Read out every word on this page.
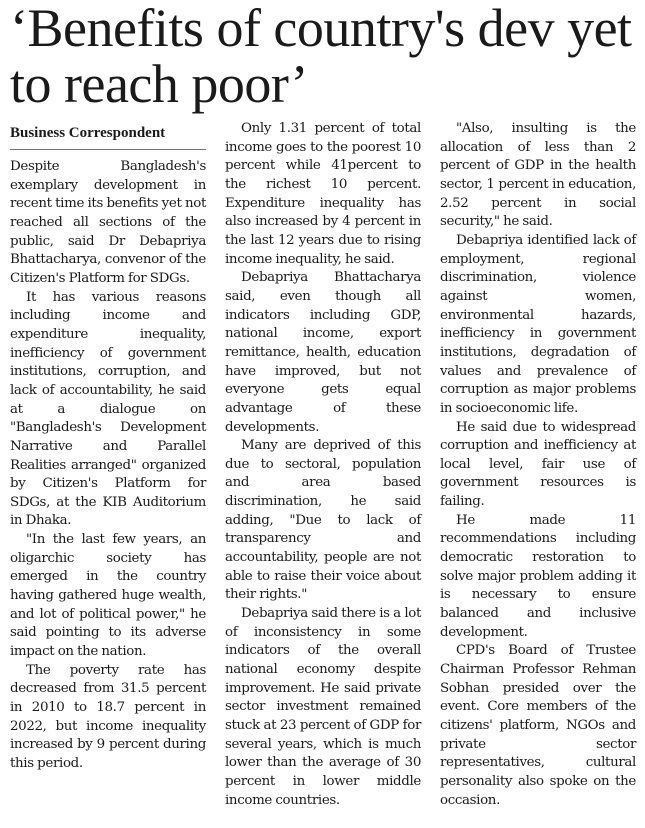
‘Benefits of country's dev yet to reach poor’
Business Correspondent

Despite Bangladesh's exemplary development in recent time its benefits yet not reached all sections of the public, said Dr Debapriya Bhattacharya, convenor of the Citizen's Platform for SDGs.

It has various reasons including income and expenditure inequality, inefficiency of government institutions, corruption, and lack of accountability, he said at a dialogue on "Bangladesh's Development Narrative and Parallel Realities arranged" organized by Citizen's Platform for SDGs, at the KIB Auditorium in Dhaka.

"In the last few years, an oligarchic society has emerged in the country having gathered huge wealth, and lot of political power," he said pointing to its adverse impact on the nation.

The poverty rate has decreased from 31.5 percent in 2010 to 18.7 percent in 2022, but income inequality increased by 9 percent during this period.

Only 1.31 percent of total income goes to the poorest 10 percent while 41percent to the richest 10 percent. Expenditure inequality has also increased by 4 percent in the last 12 years due to rising income inequality, he said.

Debapriya Bhattacharya said, even though all indicators including GDP, national income, export remittance, health, education have improved, but not everyone gets equal advantage of these developments.

Many are deprived of this due to sectoral, population and area based discrimination, he said adding, "Due to lack of transparency and accountability, people are not able to raise their voice about their rights."

Debapriya said there is a lot of inconsistency in some indicators of the overall national economy despite improvement. He said private sector investment remained stuck at 23 percent of GDP for several years, which is much lower than the average of 30 percent in lower middle income countries.

"Also, insulting is the allocation of less than 2 percent of GDP in the health sector, 1 percent in education, 2.52 percent in social security," he said.

Debapriya identified lack of employment, regional discrimination, violence against women, environmental hazards, inefficiency in government institutions, degradation of values and prevalence of corruption as major problems in socioeconomic life.

He said due to widespread corruption and inefficiency at local level, fair use of government resources is failing.

He made 11 recommendations including democratic restoration to solve major problem adding it is necessary to ensure balanced and inclusive development.

CPD's Board of Trustee Chairman Professor Rehman Sobhan presided over the event. Core members of the citizens' platform, NGOs and private sector representatives, cultural personality also spoke on the occasion.
